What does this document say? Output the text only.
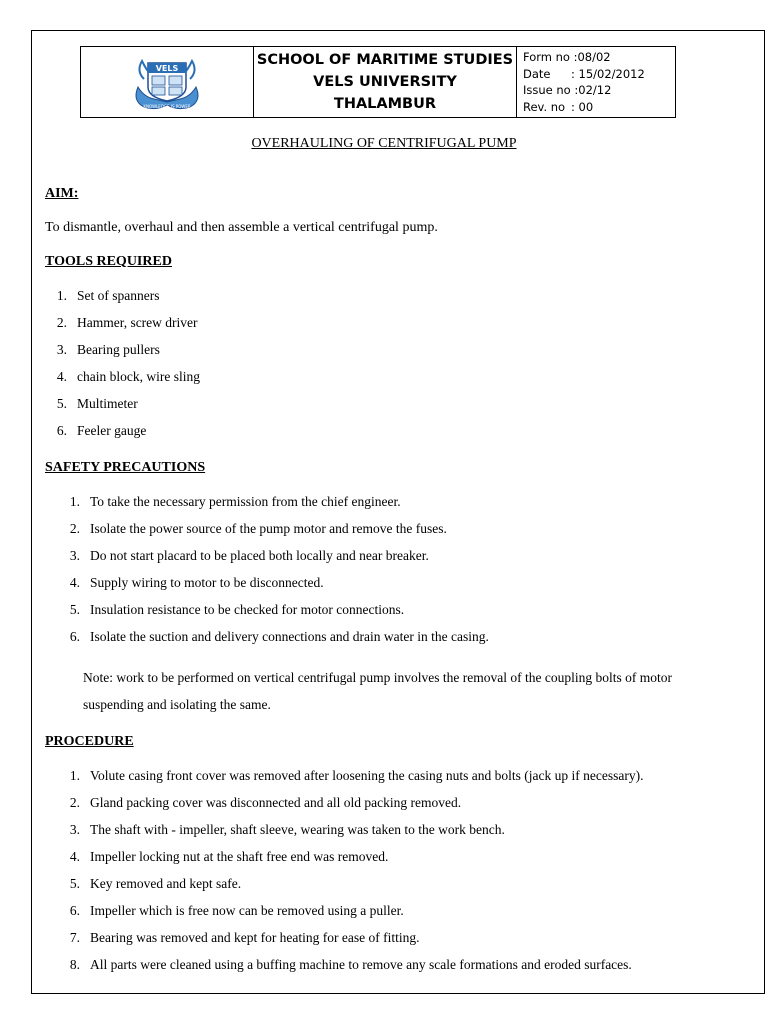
VELS
KNOWLEDGE IS POWER
SCHOOL OF MARITIME STUDIES
VELS UNIVERSITY
THALAMBUR
Form no : 08/02
Date	: 15/02/2012
Issue no : 02/12
Rev. no : 00
OVERHAULING OF CENTRIFUGAL PUMP
AIM:
To dismantle, overhaul and then assemble a vertical centrifugal pump.
TOOLS REQUIRED
1. Set of spanners
2. Hammer, screw driver
3. Bearing pullers
4. chain block, wire sling
5. Multimeter
6. Feeler gauge
SAFETY PRECAUTIONS
1. To take the necessary permission from the chief engineer.
2. Isolate the power source of the pump motor and remove the fuses.
3. Do not start placard to be placed both locally and near breaker.
4. Supply wiring to motor to be disconnected.
5. Insulation resistance to be checked for motor connections.
6. Isolate the suction and delivery connections and drain water in the casing.
Note: work to be performed on vertical centrifugal pump involves the removal of the coupling bolts of motor suspending and isolating the same.
PROCEDURE
1. Volute casing front cover was removed after loosening the casing nuts and bolts (jack up if necessary).
2. Gland packing cover was disconnected and all old packing removed.
3. The shaft with - impeller, shaft sleeve, wearing was taken to the work bench.
4. Impeller locking nut at the shaft free end was removed.
5. Key removed and kept safe.
6. Impeller which is free now can be removed using a puller.
7. Bearing was removed and kept for heating for ease of fitting.
8. All parts were cleaned using a buffing machine to remove any scale formations and eroded surfaces.
